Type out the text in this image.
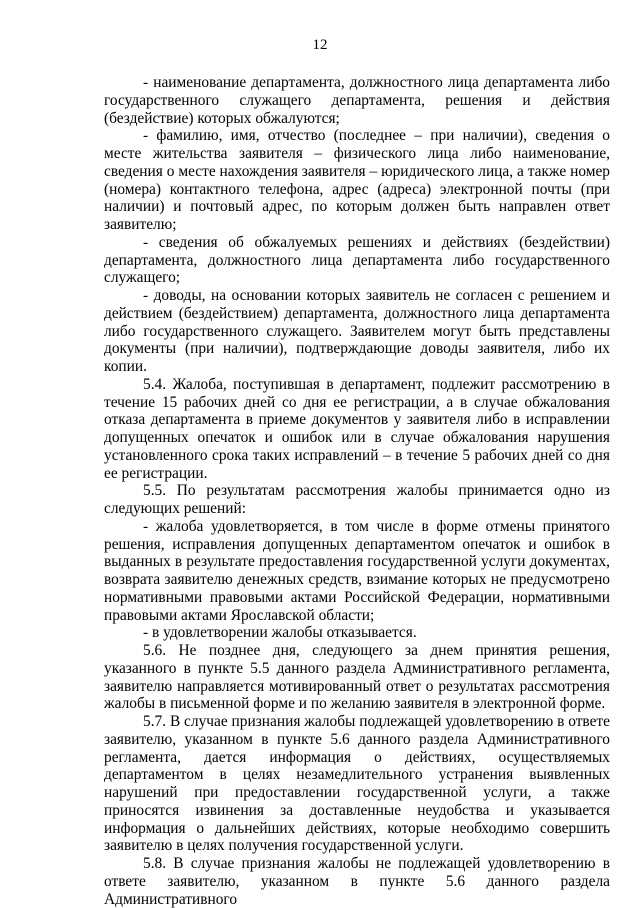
12

- наименование департамента, должностного лица департамента либо государственного служащего департамента, решения и действия (бездействие) которых обжалуются;

- фамилию, имя, отчество (последнее – при наличии), сведения о месте жительства заявителя – физического лица либо наименование, сведения о месте нахождения заявителя – юридического лица, а также номер (номера) контактного телефона, адрес (адреса) электронной почты (при наличии) и почтовый адрес, по которым должен быть направлен ответ заявителю;

- сведения об обжалуемых решениях и действиях (бездействии) департамента, должностного лица департамента либо государственного служащего;

- доводы, на основании которых заявитель не согласен с решением и действием (бездействием) департамента, должностного лица департамента либо государственного служащего. Заявителем могут быть представлены документы (при наличии), подтверждающие доводы заявителя, либо их копии.

5.4. Жалоба, поступившая в департамент, подлежит рассмотрению в течение 15 рабочих дней со дня ее регистрации, а в случае обжалования отказа департамента в приеме документов у заявителя либо в исправлении допущенных опечаток и ошибок или в случае обжалования нарушения установленного срока таких исправлений – в течение 5 рабочих дней со дня ее регистрации.

5.5. По результатам рассмотрения жалобы принимается одно из следующих решений:

- жалоба удовлетворяется, в том числе в форме отмены принятого решения, исправления допущенных департаментом опечаток и ошибок в выданных в результате предоставления государственной услуги документах, возврата заявителю денежных средств, взимание которых не предусмотрено нормативными правовыми актами Российской Федерации, нормативными правовыми актами Ярославской области;

- в удовлетворении жалобы отказывается.

5.6. Не позднее дня, следующего за днем принятия решения, указанного в пункте 5.5 данного раздела Административного регламента, заявителю направляется мотивированный ответ о результатах рассмотрения жалобы в письменной форме и по желанию заявителя в электронной форме.

5.7. В случае признания жалобы подлежащей удовлетворению в ответе заявителю, указанном в пункте 5.6 данного раздела Административного регламента, дается информация о действиях, осуществляемых департаментом в целях незамедлительного устранения выявленных нарушений при предоставлении государственной услуги, а также приносятся извинения за доставленные неудобства и указывается информация о дальнейших действиях, которые необходимо совершить заявителю в целях получения государственной услуги.

5.8. В случае признания жалобы не подлежащей удовлетворению в ответе заявителю, указанном в пункте 5.6 данного раздела Административного
